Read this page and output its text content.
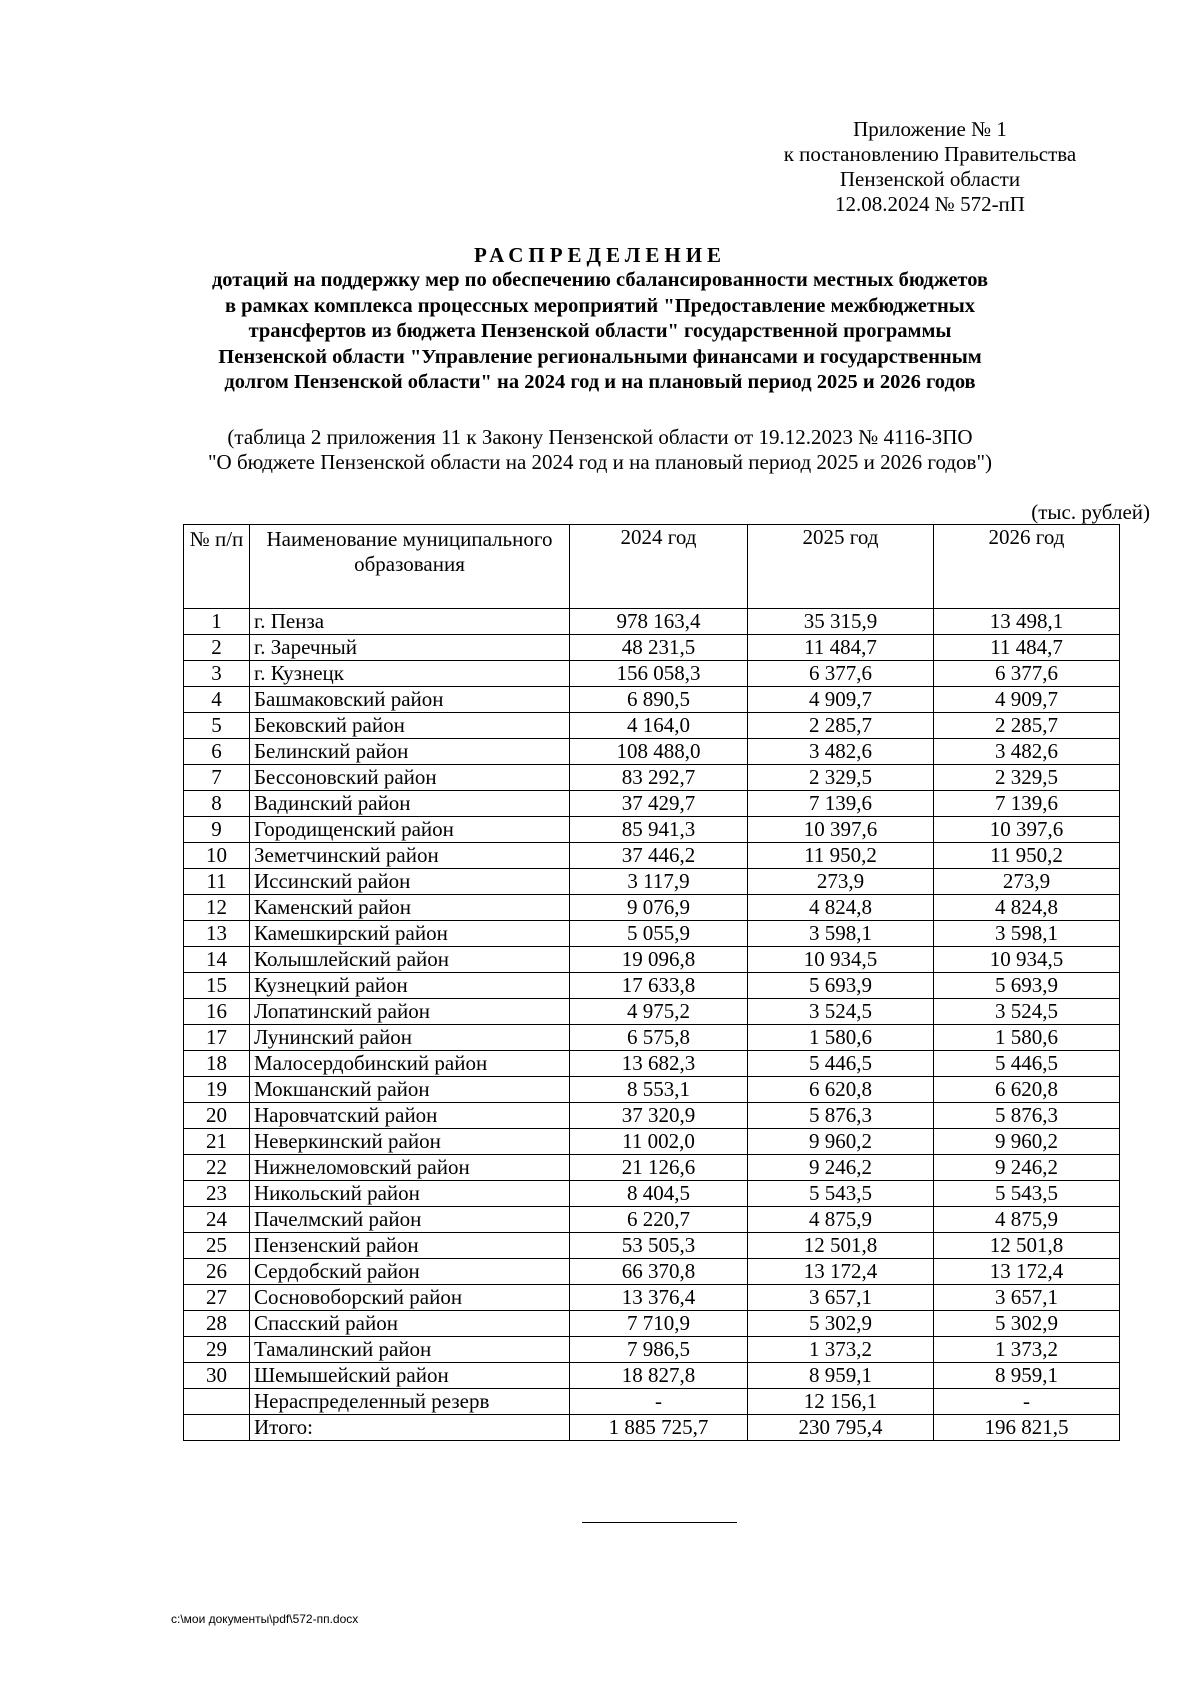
Приложение № 1
к постановлению Правительства
Пензенской области
12.08.2024 № 572-пП
РАСПРЕДЕЛЕНИЕ
дотаций на поддержку мер по обеспечению сбалансированности местных бюджетов
в рамках комплекса процессных мероприятий "Предоставление межбюджетных
трансфертов из бюджета Пензенской области" государственной программы
Пензенской области "Управление региональными финансами и государственным
долгом Пензенской области" на 2024 год и на плановый период 2025 и 2026 годов
(таблица 2 приложения 11 к Закону Пензенской области от 19.12.2023 № 4116-ЗПО
"О бюджете Пензенской области на 2024 год и на плановый период 2025 и 2026 годов")
(тыс. рублей)
№ п/п	Наименование муниципального образования	2024 год	2025 год	2026 год
1	г. Пенза	978 163,4	35 315,9	13 498,1
2	г. Заречный	48 231,5	11 484,7	11 484,7
3	г. Кузнецк	156 058,3	6 377,6	6 377,6
4	Башмаковский район	6 890,5	4 909,7	4 909,7
5	Бековский район	4 164,0	2 285,7	2 285,7
6	Белинский район	108 488,0	3 482,6	3 482,6
7	Бессоновский район	83 292,7	2 329,5	2 329,5
8	Вадинский район	37 429,7	7 139,6	7 139,6
9	Городищенский район	85 941,3	10 397,6	10 397,6
10	Земетчинский район	37 446,2	11 950,2	11 950,2
11	Иссинский район	3 117,9	273,9	273,9
12	Каменский район	9 076,9	4 824,8	4 824,8
13	Камешкирский район	5 055,9	3 598,1	3 598,1
14	Колышлейский район	19 096,8	10 934,5	10 934,5
15	Кузнецкий район	17 633,8	5 693,9	5 693,9
16	Лопатинский район	4 975,2	3 524,5	3 524,5
17	Лунинский район	6 575,8	1 580,6	1 580,6
18	Малосердобинский район	13 682,3	5 446,5	5 446,5
19	Мокшанский район	8 553,1	6 620,8	6 620,8
20	Наровчатский район	37 320,9	5 876,3	5 876,3
21	Неверкинский район	11 002,0	9 960,2	9 960,2
22	Нижнеломовский район	21 126,6	9 246,2	9 246,2
23	Никольский район	8 404,5	5 543,5	5 543,5
24	Пачелмский район	6 220,7	4 875,9	4 875,9
25	Пензенский район	53 505,3	12 501,8	12 501,8
26	Сердобский район	66 370,8	13 172,4	13 172,4
27	Сосновоборский район	13 376,4	3 657,1	3 657,1
28	Спасский район	7 710,9	5 302,9	5 302,9
29	Тамалинский район	7 986,5	1 373,2	1 373,2
30	Шемышейский район	18 827,8	8 959,1	8 959,1
	Нераспределенный резерв	-	12 156,1	-
	Итого:	1 885 725,7	230 795,4	196 821,5
c:\мои документы\pdf\572-пп.docx
